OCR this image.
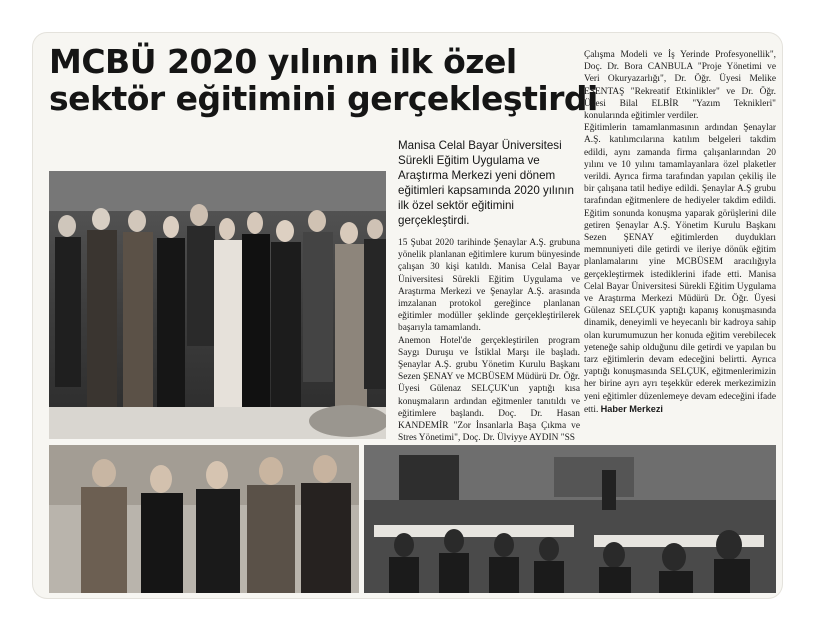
MCBÜ 2020 yılının ilk özel
sektör eğitimini gerçekleştirdi
Manisa Celal Bayar Üniversitesi Sürekli Eğitim Uygulama ve Araştırma Merkezi yeni dönem eğitimleri kapsamında 2020 yılının ilk özel sektör eğitimini gerçekleştirdi.

15 Şubat 2020 tarihinde Şenaylar A.Ş. grubuna yönelik planlanan eğitimlere kurum bünyesinde çalışan 30 kişi katıldı. Manisa Celal Bayar Üniversitesi Sürekli Eğitim Uygulama ve Araştırma Merkezi ve Şenaylar A.Ş. arasında imzalanan protokol gereğince planlanan eğitimler modüller şeklinde gerçekleştirilerek başarıyla tamamlandı.

Anemon Hotel'de gerçekleştirilen program Saygı Duruşu ve İstiklal Marşı ile başladı. Şenaylar A.Ş. grubu Yönetim Kurulu Başkanı Sezen ŞENAY ve MCBÜSEM Müdürü Dr. Öğr. Üyesi Gülenaz SELÇUK'un yaptığı kısa konuşmaların ardından eğitmenler tanıtıldı ve eğitimlere başlandı. Doç. Dr. Hasan KANDEMİR "Zor İnsanlarla Başa Çıkma ve Stres Yönetimi", Doç. Dr. Ülviyye AYDIN "SS

Çalışma Modeli ve İş Yerinde Profesyonellik", Doç. Dr. Bora CANBULA "Proje Yönetimi ve Veri Okuryazarlığı", Dr. Öğr. Üyesi Melike ESENTAŞ "Rekreatif Etkinlikler" ve Dr. Öğr. Üyesi Bilal ELBİR "Yazım Teknikleri" konularında eğitimler verdiler.

Eğitimlerin tamamlanmasının ardından Şenaylar A.Ş. katılımcılarına katılım belgeleri takdim edildi, aynı zamanda firma çalışanlarından 20 yılını ve 10 yılını tamamlayanlara özel plaketler verildi. Ayrıca firma tarafından yapılan çekiliş ile bir çalışana tatil hediye edildi. Şenaylar A.Ş grubu tarafından eğitmenlere de hediyeler takdim edildi. Eğitim sonunda konuşma yaparak görüşlerini dile getiren Şenaylar A.Ş. Yönetim Kurulu Başkanı Sezen ŞENAY eğitimlerden duydukları memnuniyeti dile getirdi ve ileriye dönük eğitim planlamalarını yine MCBÜSEM aracılığıyla gerçekleştirmek istediklerini ifade etti. Manisa Celal Bayar Üniversitesi Sürekli Eğitim Uygulama ve Araştırma Merkezi Müdürü Dr. Öğr. Üyesi Gülenaz SELÇUK yaptığı kapanış konuşmasında dinamik, deneyimli ve heyecanlı bir kadroya sahip olan kurumumuzun her konuda eğitim verebilecek yeteneğe sahip olduğunu dile getirdi ve yapılan bu tarz eğitimlerin devam edeceğini belirtti. Ayrıca yaptığı konuşmasında SELÇUK, eğitmenlerimizin her birine ayrı ayrı teşekkür ederek merkezimizin yeni eğitimler düzenlemeye devam edeceğini ifade etti. Haber Merkezi
